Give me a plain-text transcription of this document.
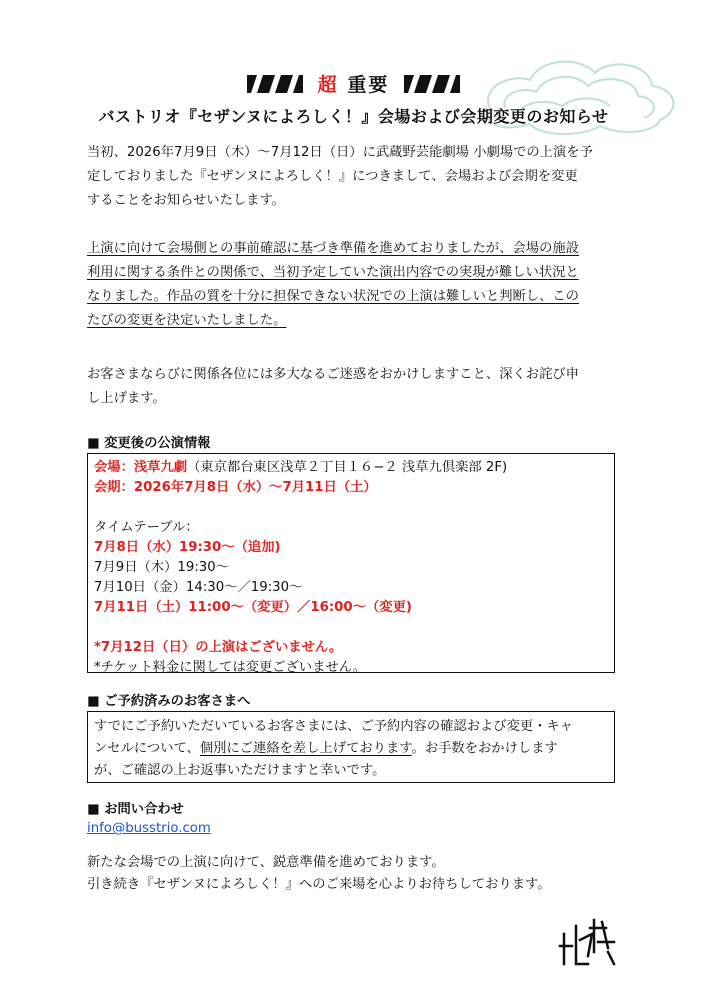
超 重要
バストリオ『セザンヌによろしく！』会場および会期変更のお知らせ

当初、2026年7月9日（木）〜7月12日（日）に武蔵野芸能劇場 小劇場での上演を予
定しておりました『セザンヌによろしく！』につきまして、会場および会期を変更
することをお知らせいたします。

上演に向けて会場側との事前確認に基づき準備を進めておりましたが、会場の施設
利用に関する条件との関係で、当初予定していた演出内容での実現が難しい状況と
なりました。作品の質を十分に担保できない状況での上演は難しいと判断し、この
たびの変更を決定いたしました。

お客さまならびに関係各位には多大なるご迷惑をおかけしますこと、深くお詫び申
し上げます。

■ 変更後の公演情報
会場：浅草九劇（東京都台東区浅草２丁目１６−２ 浅草九倶楽部 2F)
会期：2026年7月8日（水）〜7月11日（土）
タイムテーブル：
7月8日（水）19:30〜（追加)
7月9日（木）19:30〜
7月10日（金）14:30〜／19:30〜
7月11日（土）11:00〜（変更）／16:00〜（変更)
*7月12日（日）の上演はございません。
*チケット料金に関しては変更ございません。
■ ご予約済みのお客さまへ
すでにご予約いただいているお客さまには、ご予約内容の確認および変更・キャ
ンセルについて、個別にご連絡を差し上げております。お手数をおかけします
が、ご確認の上お返事いただけますと幸いです。
■ お問い合わせ
info@busstrio.com

新たな会場での上演に向けて、鋭意準備を進めております。
引き続き『セザンヌによろしく！』へのご来場を心よりお待ちしております。
